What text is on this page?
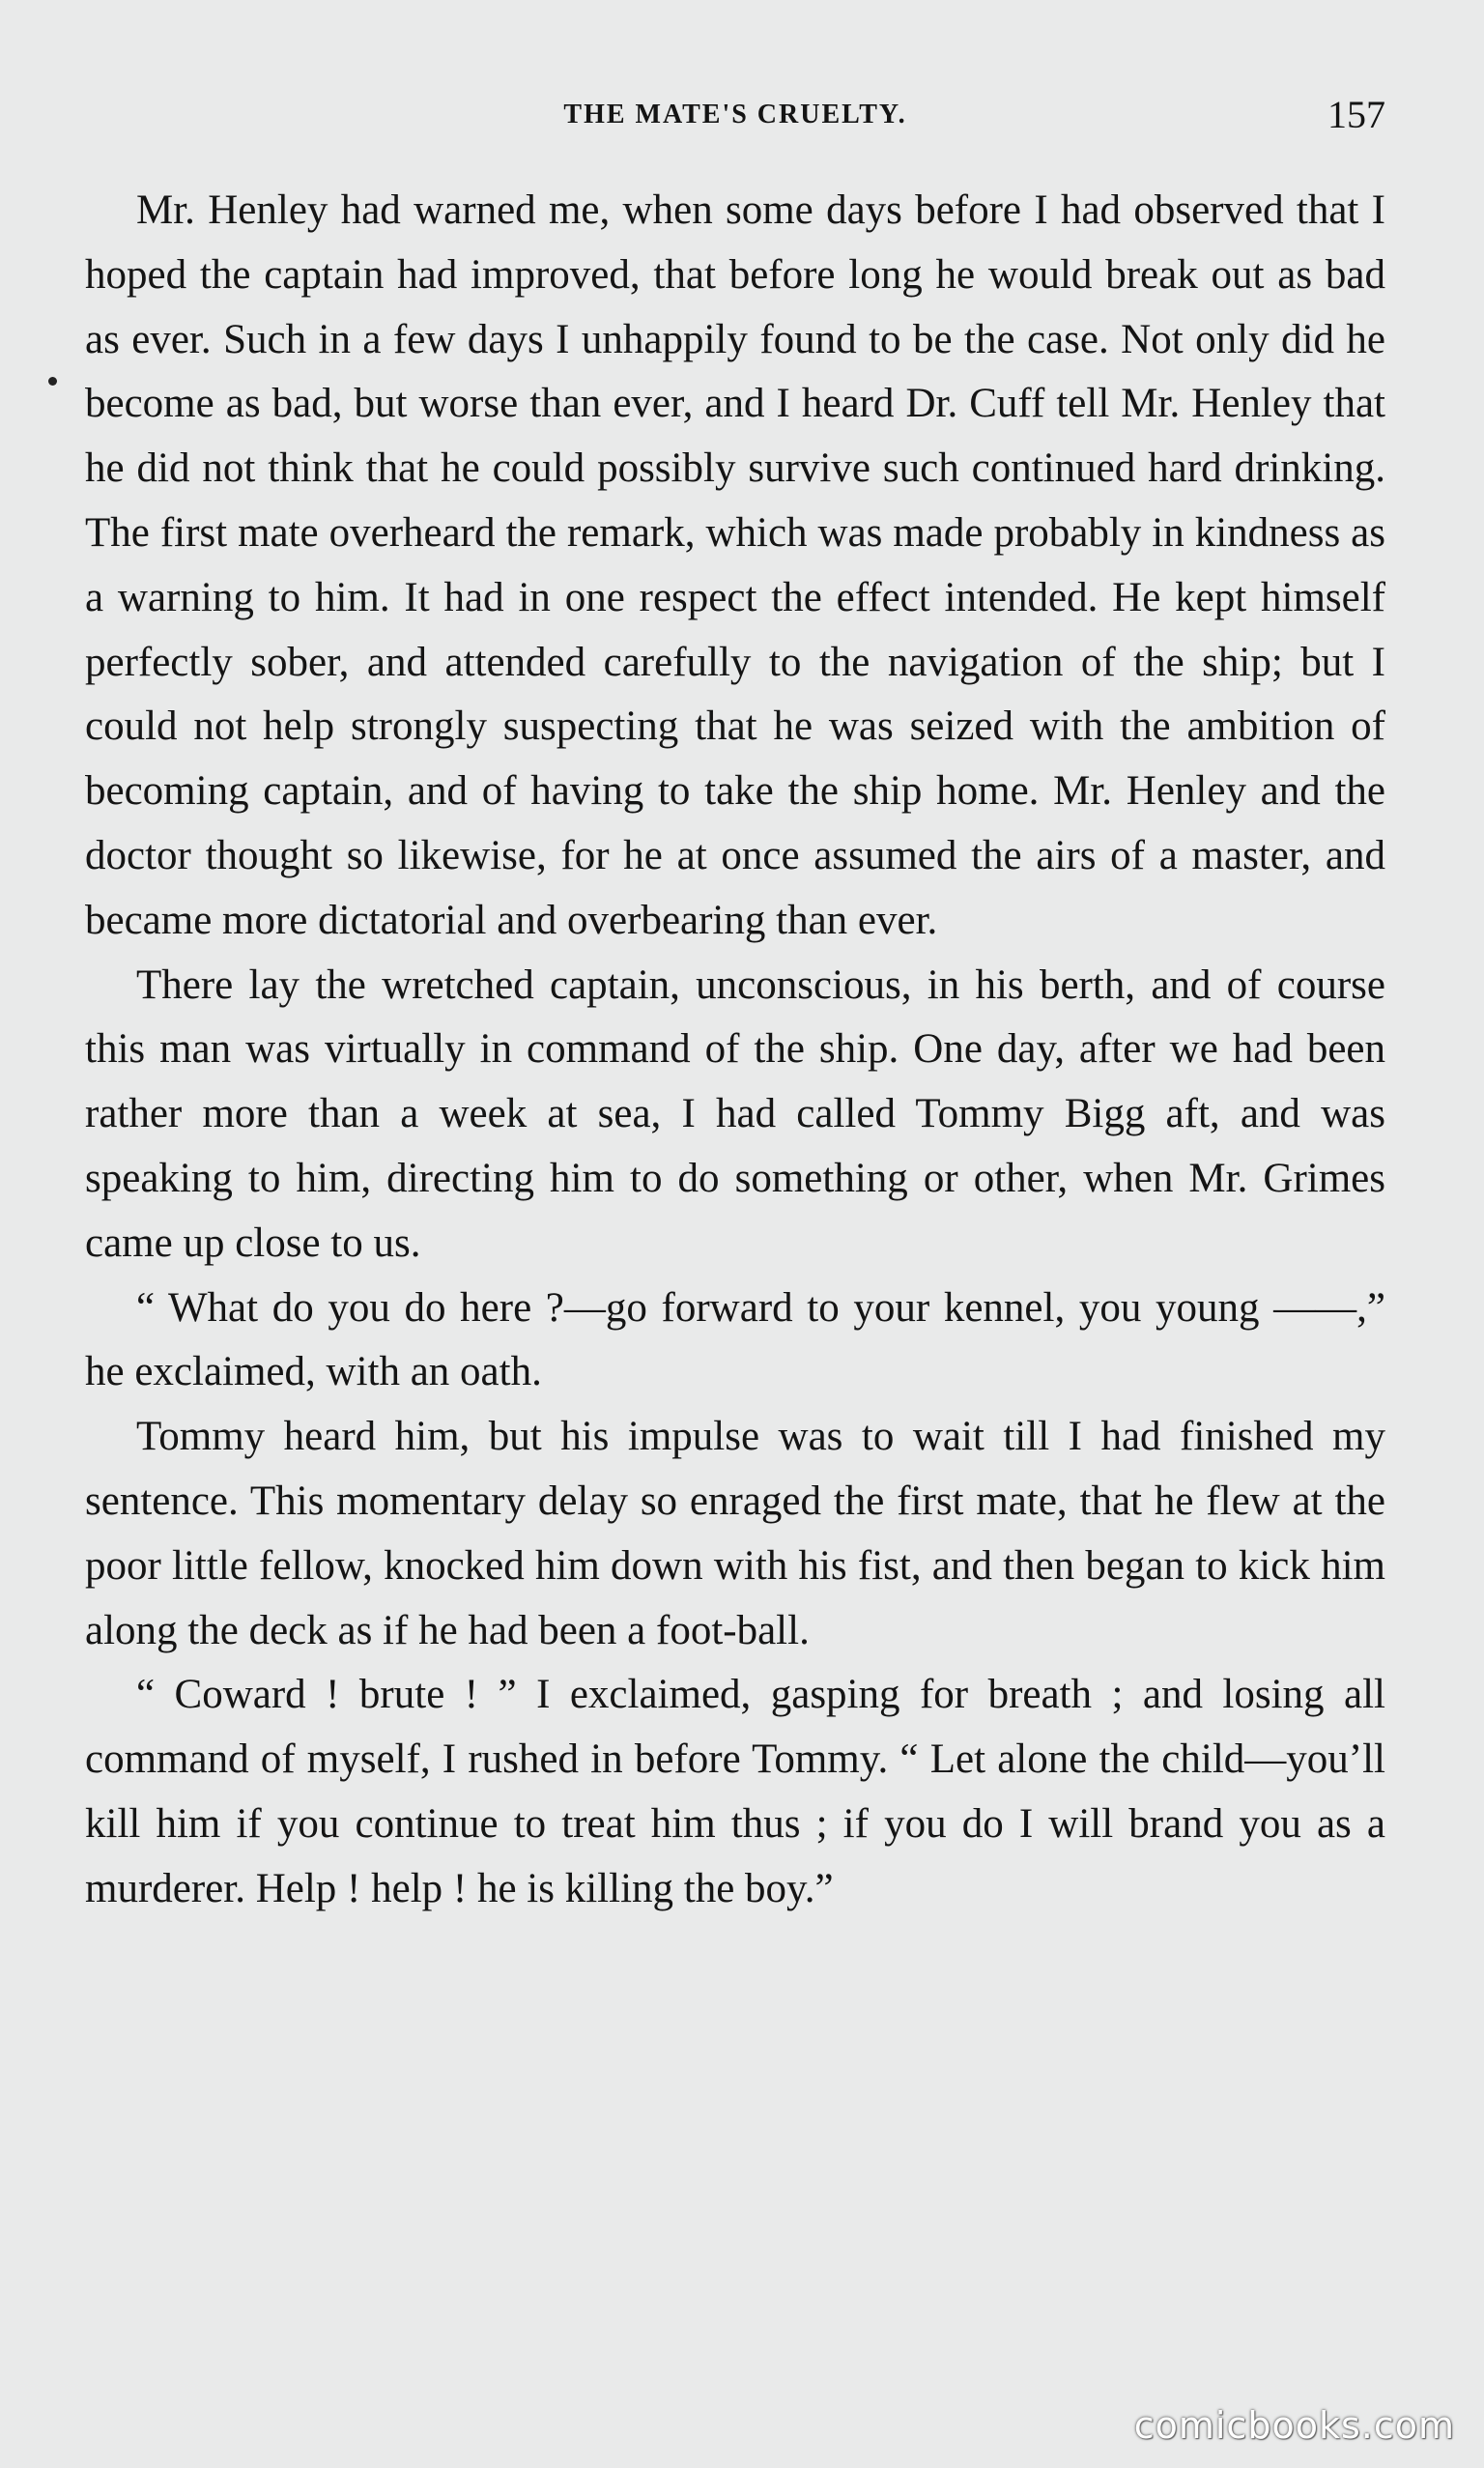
THE MATE'S CRUELTY.	157

Mr. Henley had warned me, when some days before I had observed that I hoped the captain had improved, that before long he would break out as bad as ever. Such in a few days I unhappily found to be the case. Not only did he become as bad, but worse than ever, and I heard Dr. Cuff tell Mr. Henley that he did not think that he could possibly survive such continued hard drinking. The first mate overheard the remark, which was made probably in kindness as a warning to him. It had in one respect the effect intended. He kept himself perfectly sober, and attended carefully to the navigation of the ship; but I could not help strongly suspecting that he was seized with the ambition of becoming captain, and of having to take the ship home. Mr. Henley and the doctor thought so likewise, for he at once assumed the airs of a master, and became more dictatorial and overbearing than ever.

There lay the wretched captain, unconscious, in his berth, and of course this man was virtually in command of the ship. One day, after we had been rather more than a week at sea, I had called Tommy Bigg aft, and was speaking to him, directing him to do something or other, when Mr. Grimes came up close to us.

“ What do you do here ?—go forward to your kennel, you young ——,” he exclaimed, with an oath.

Tommy heard him, but his impulse was to wait till I had finished my sentence. This momentary delay so enraged the first mate, that he flew at the poor little fellow, knocked him down with his fist, and then began to kick him along the deck as if he had been a foot-ball.

“ Coward ! brute ! ” I exclaimed, gasping for breath ; and losing all command of myself, I rushed in before Tommy. “ Let alone the child—you’ll kill him if you continue to treat him thus ; if you do I will brand you as a murderer. Help ! help ! he is killing the boy.”

comicbooks.com
